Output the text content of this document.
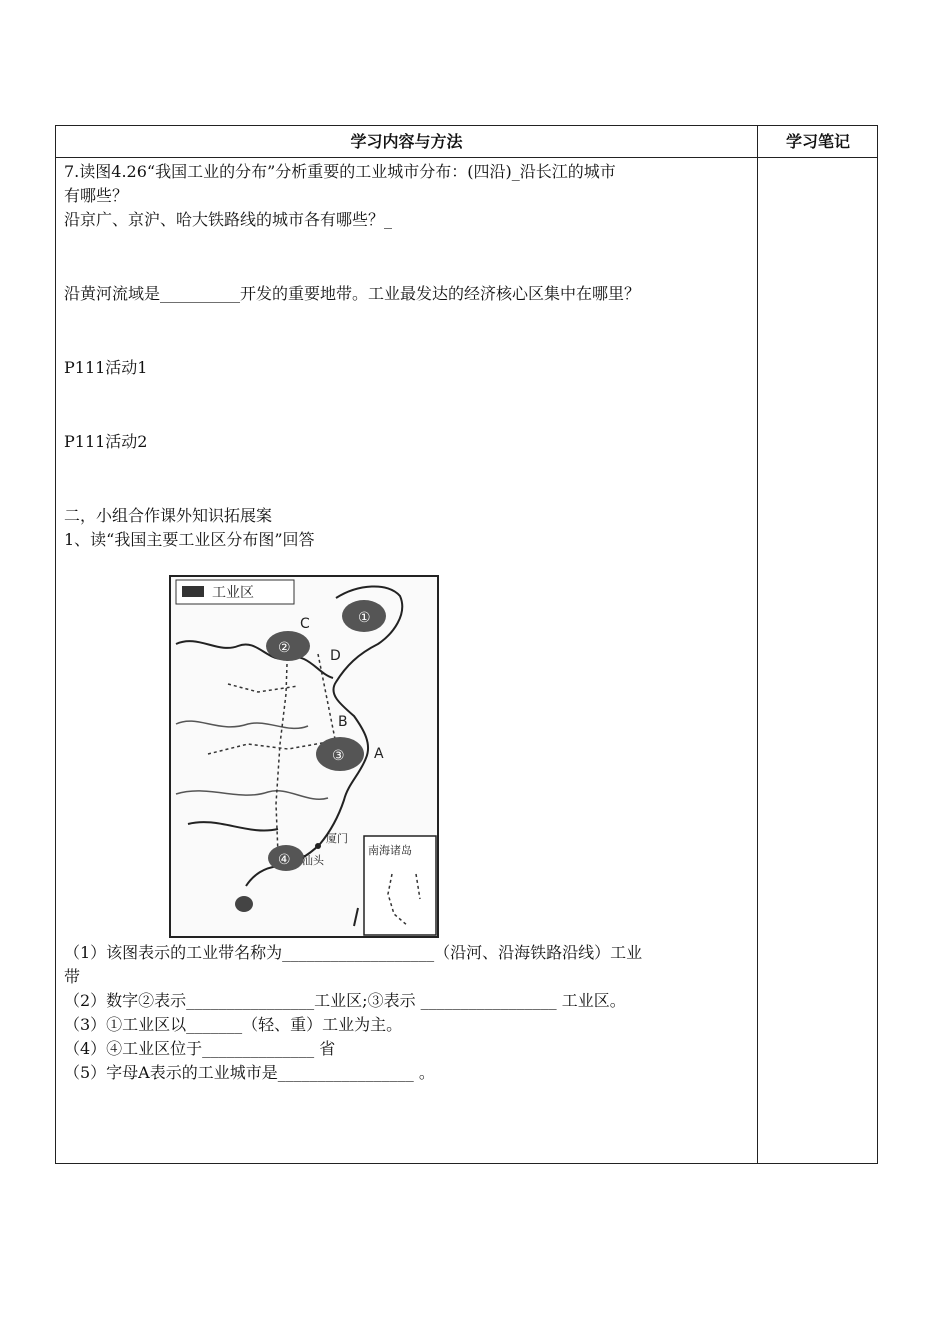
学习内容与方法	学习笔记
7.读图4.26“我国工业的分布”分析重要的工业城市分布：(四沿)_沿长江的城市
有哪些？
沿京广、京沪、哈大铁路线的城市各有哪些？_
沿黄河流域是__________开发的重要地带。工业最发达的经济核心区集中在哪里？
P111活动1
P111活动2
二，小组合作课外知识拓展案
1、读“我国主要工业区分布图”回答
（1）该图表示的工业带名称为___________________（沿河、沿海铁路沿线）工业
带
（2）数字②表示________________工业区;③表示 _________________ 工业区。
（3）①工业区以_______（轻、重）工业为主。
（4）④工业区位于______________ 省
（5）字母A表示的工业城市是_________________ 。
工业区
①
②
③
④
A
B
C
D
厦门
汕头
南海诸岛
